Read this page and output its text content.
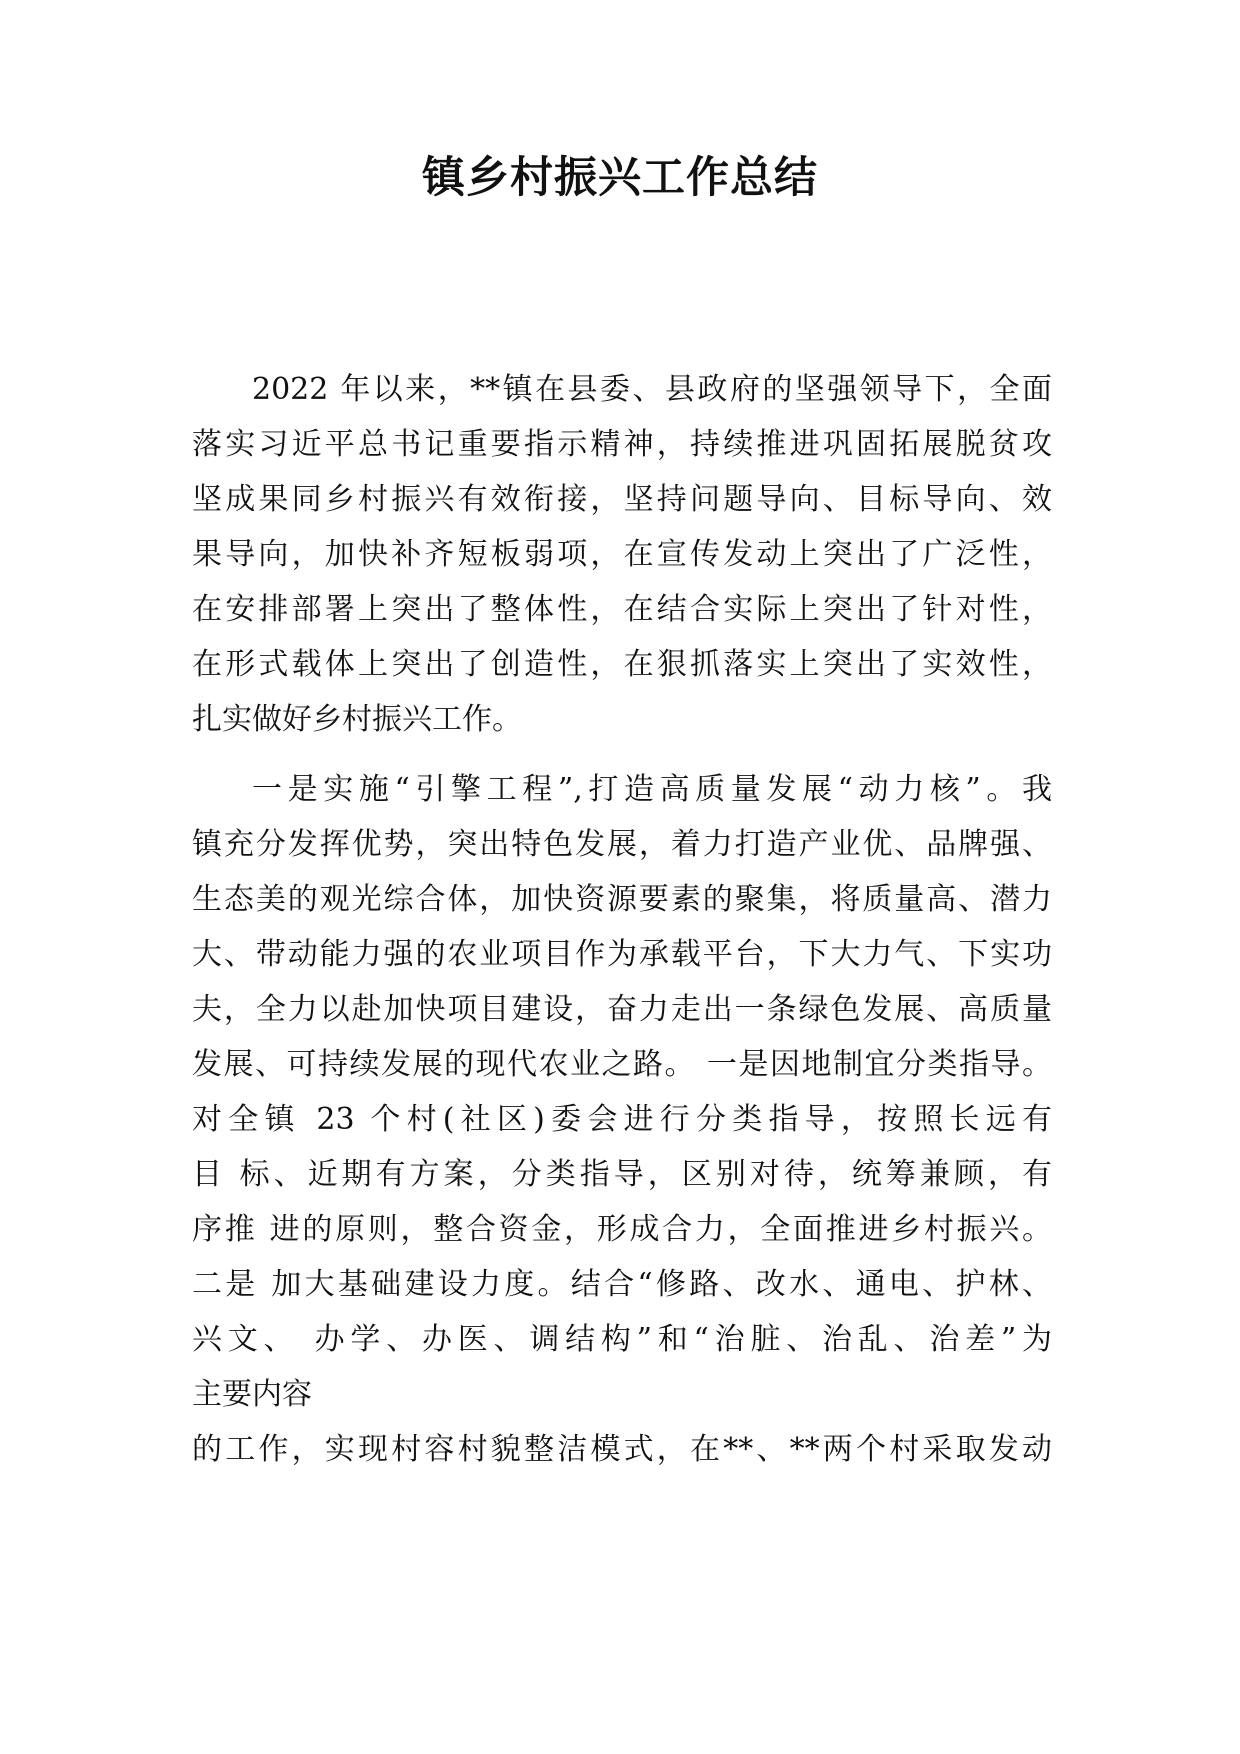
镇乡村振兴工作总结
2022 年以来，**镇在县委、县政府的坚强领导下，全面
落实习近平总书记重要指示精神，持续推进巩固拓展脱贫攻
坚成果同乡村振兴有效衔接，坚持问题导向、目标导向、效
果导向，加快补齐短板弱项，在宣传发动上突出了广泛性，
在安排部署上突出了整体性，在结合实际上突出了针对性，
在形式载体上突出了创造性，在狠抓落实上突出了实效性，
扎实做好乡村振兴工作。
一是实施“引擎工程”,打造高质量发展“动力核”。我
镇充分发挥优势，突出特色发展，着力打造产业优、品牌强、
生态美的观光综合体，加快资源要素的聚集，将质量高、潜力
大、带动能力强的农业项目作为承载平台，下大力气、下实功
夫，全力以赴加快项目建设，奋力走出一条绿色发展、高质量
发展、可持续发展的现代农业之路。 一是因地制宜分类指导。
对全镇 23 个村(社区)委会进行分类指导，按照长远有
目 标、近期有方案，分类指导，区别对待，统筹兼顾，有
序推 进的原则，整合资金，形成合力，全面推进乡村振兴。
二是 加大基础建设力度。结合“修路、改水、通电、护林、
兴文、 办学、办医、调结构”和“治脏、治乱、治差”为
主要内容
的工作，实现村容村貌整洁模式，在**、**两个村采取发动
